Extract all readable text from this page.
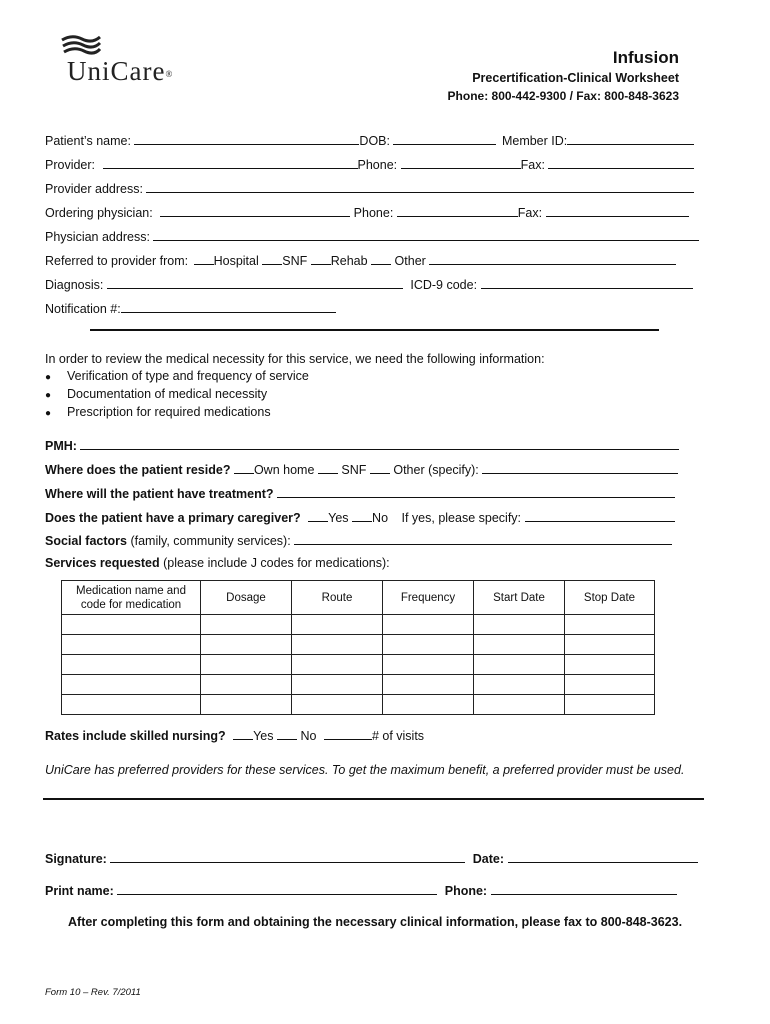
UniCare®
Infusion
Precertification-Clinical Worksheet
Phone: 800-442-9300 / Fax: 800-848-3623
Patient’s name:	DOB:	Member ID:
Provider:	Phone:	Fax:
Provider address:
Ordering physician:	Phone:	Fax:
Physician address:
Referred to provider from: Hospital SNF Rehab Other
Diagnosis:	ICD-9 code:
Notification #:
In order to review the medical necessity for this service, we need the following information:
● Verification of type and frequency of service
● Documentation of medical necessity
● Prescription for required medications
PMH:
Where does the patient reside? Own home SNF Other (specify):
Where will the patient have treatment?
Does the patient have a primary caregiver? Yes No If yes, please specify:
Social factors (family, community services):
Services requested (please include J codes for medications):
Medication name and code for medication	Dosage	Route	Frequency	Start Date	Stop Date

Rates include skilled nursing? Yes No	# of visits
UniCare has preferred providers for these services. To get the maximum benefit, a preferred provider must be used.
Signature:	Date:
Print name:	Phone:
After completing this form and obtaining the necessary clinical information, please fax to 800-848-3623.
Form 10 – Rev. 7/2011
